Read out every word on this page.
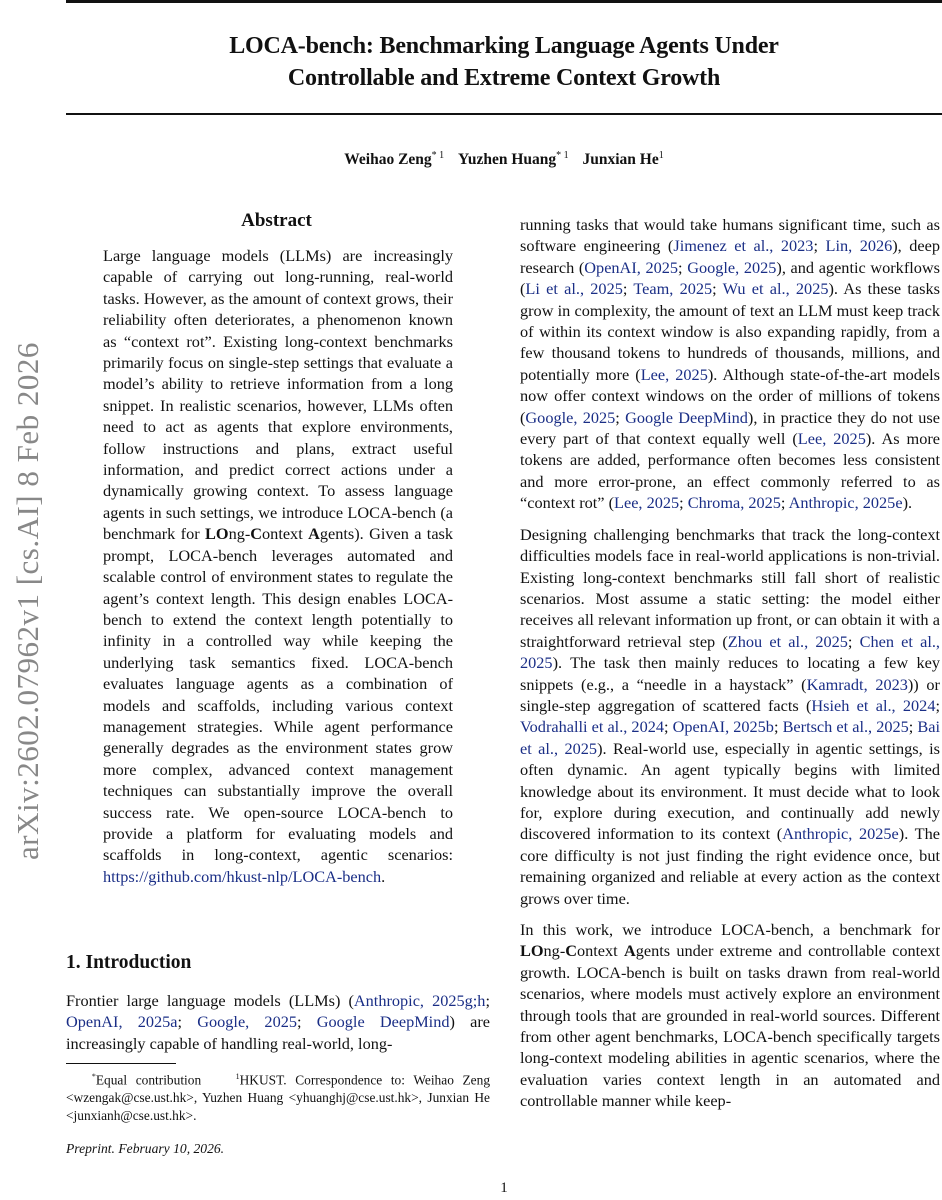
LOCA-bench: Benchmarking Language Agents Under
Controllable and Extreme Context Growth
Weihao Zeng$^{* 1}$ Yuzhen Huang$^{* 1}$ Junxian He$^1$
arXiv:2602.07962v1 [cs.AI] 8 Feb 2026
Abstract
Large language models (LLMs) are increasingly capable of carrying out long-running, real-world tasks. However, as the amount of context grows, their reliability often deteriorates, a phenomenon known as “context rot”. Existing long-context benchmarks primarily focus on single-step settings that evaluate a model’s ability to retrieve information from a long snippet. In realistic scenarios, however, LLMs often need to act as agents that explore environments, follow instructions and plans, extract useful information, and predict correct actions under a dynamically growing context. To assess language agents in such settings, we introduce LOCA-bench (a benchmark for LOng-Context Agents). Given a task prompt, LOCA-bench leverages automated and scalable control of environment states to regulate the agent’s context length. This design enables LOCA-bench to extend the context length potentially to infinity in a controlled way while keeping the underlying task semantics fixed. LOCA-bench evaluates language agents as a combination of models and scaffolds, including various context management strategies. While agent performance generally degrades as the environment states grow more complex, advanced context management techniques can substantially improve the overall success rate. We open-source LOCA-bench to provide a platform for evaluating models and scaffolds in long-context, agentic scenarios: https://github.com/hkust-nlp/LOCA-bench.
1. Introduction
Frontier large language models (LLMs) (Anthropic, 2025g;h; OpenAI, 2025a; Google, 2025; Google DeepMind) are increasingly capable of handling real-world, long-
*Equal contribution	$^1$HKUST. Correspondence to: Weihao Zeng <wzengak@cse.ust.hk>, Yuzhen Huang <yhuanghj@cse.ust.hk>, Junxian He <junxianh@cse.ust.hk>.
Preprint. February 10, 2026.

running tasks that would take humans significant time, such as software engineering (Jimenez et al., 2023; Lin, 2026), deep research (OpenAI, 2025; Google, 2025), and agentic workflows (Li et al., 2025; Team, 2025; Wu et al., 2025). As these tasks grow in complexity, the amount of text an LLM must keep track of within its context window is also expanding rapidly, from a few thousand tokens to hundreds of thousands, millions, and potentially more (Lee, 2025). Although state-of-the-art models now offer context windows on the order of millions of tokens (Google, 2025; Google DeepMind), in practice they do not use every part of that context equally well (Lee, 2025). As more tokens are added, performance often becomes less consistent and more error-prone, an effect commonly referred to as “context rot” (Lee, 2025; Chroma, 2025; Anthropic, 2025e).

Designing challenging benchmarks that track the long-context difficulties models face in real-world applications is non-trivial. Existing long-context benchmarks still fall short of realistic scenarios. Most assume a static setting: the model either receives all relevant information up front, or can obtain it with a straightforward retrieval step (Zhou et al., 2025; Chen et al., 2025). The task then mainly reduces to locating a few key snippets (e.g., a “needle in a haystack” (Kamradt, 2023)) or single-step aggregation of scattered facts (Hsieh et al., 2024; Vodrahalli et al., 2024; OpenAI, 2025b; Bertsch et al., 2025; Bai et al., 2025). Real-world use, especially in agentic settings, is often dynamic. An agent typically begins with limited knowledge about its environment. It must decide what to look for, explore during execution, and continually add newly discovered information to its context (Anthropic, 2025e). The core difficulty is not just finding the right evidence once, but remaining organized and reliable at every action as the context grows over time.

In this work, we introduce LOCA-bench, a benchmark for LOng-Context Agents under extreme and controllable context growth. LOCA-bench is built on tasks drawn from real-world scenarios, where models must actively explore an environment through tools that are grounded in real-world sources. Different from other agent benchmarks, LOCA-bench specifically targets long-context modeling abilities in agentic scenarios, where the evaluation varies context length in an automated and controllable manner while keep-

1
